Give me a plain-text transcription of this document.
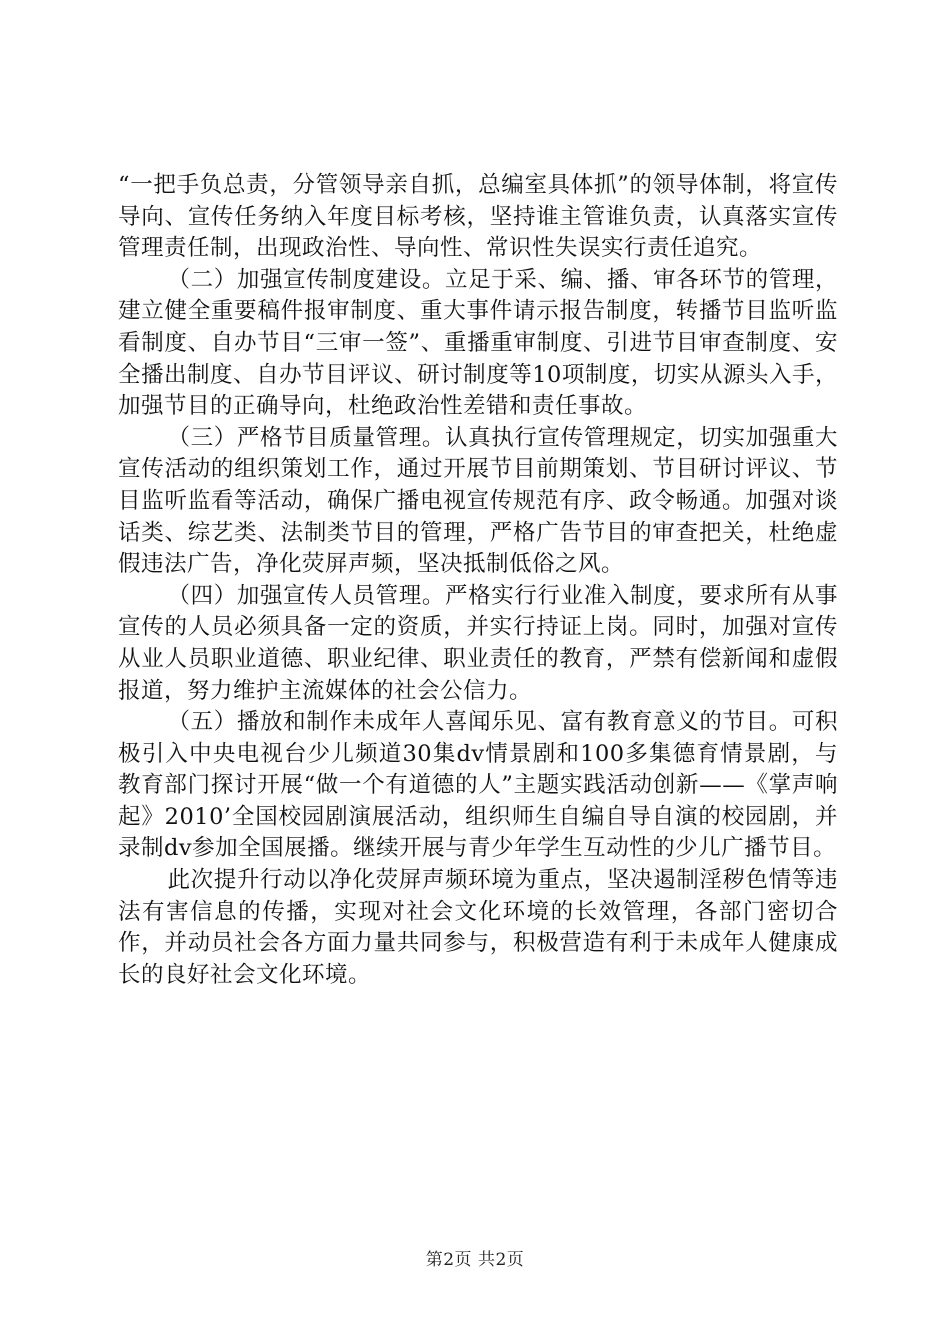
“一把手负总责，分管领导亲自抓，总编室具体抓”的领导体制，将宣传导向、宣传任务纳入年度目标考核，坚持谁主管谁负责，认真落实宣传管理责任制，出现政治性、导向性、常识性失误实行责任追究。

（二）加强宣传制度建设。立足于采、编、播、审各环节的管理，建立健全重要稿件报审制度、重大事件请示报告制度，转播节目监听监看制度、自办节目“三审一签”、重播重审制度、引进节目审查制度、安全播出制度、自办节目评议、研讨制度等10项制度，切实从源头入手，加强节目的正确导向，杜绝政治性差错和责任事故。

（三）严格节目质量管理。认真执行宣传管理规定，切实加强重大宣传活动的组织策划工作，通过开展节目前期策划、节目研讨评议、节目监听监看等活动，确保广播电视宣传规范有序、政令畅通。加强对谈话类、综艺类、法制类节目的管理，严格广告节目的审查把关，杜绝虚假违法广告，净化荧屏声频，坚决抵制低俗之风。

（四）加强宣传人员管理。严格实行行业准入制度，要求所有从事宣传的人员必须具备一定的资质，并实行持证上岗。同时，加强对宣传从业人员职业道德、职业纪律、职业责任的教育，严禁有偿新闻和虚假报道，努力维护主流媒体的社会公信力。

（五）播放和制作未成年人喜闻乐见、富有教育意义的节目。可积极引入中央电视台少儿频道30集dv情景剧和100多集德育情景剧，与教育部门探讨开展“做一个有道德的人”主题实践活动创新——《掌声响起》2010’全国校园剧演展活动，组织师生自编自导自演的校园剧，并录制dv参加全国展播。继续开展与青少年学生互动性的少儿广播节目。

此次提升行动以净化荧屏声频环境为重点，坚决遏制淫秽色情等违法有害信息的传播，实现对社会文化环境的长效管理，各部门密切合作，并动员社会各方面力量共同参与，积极营造有利于未成年人健康成长的良好社会文化环境。

第2页 共2页
